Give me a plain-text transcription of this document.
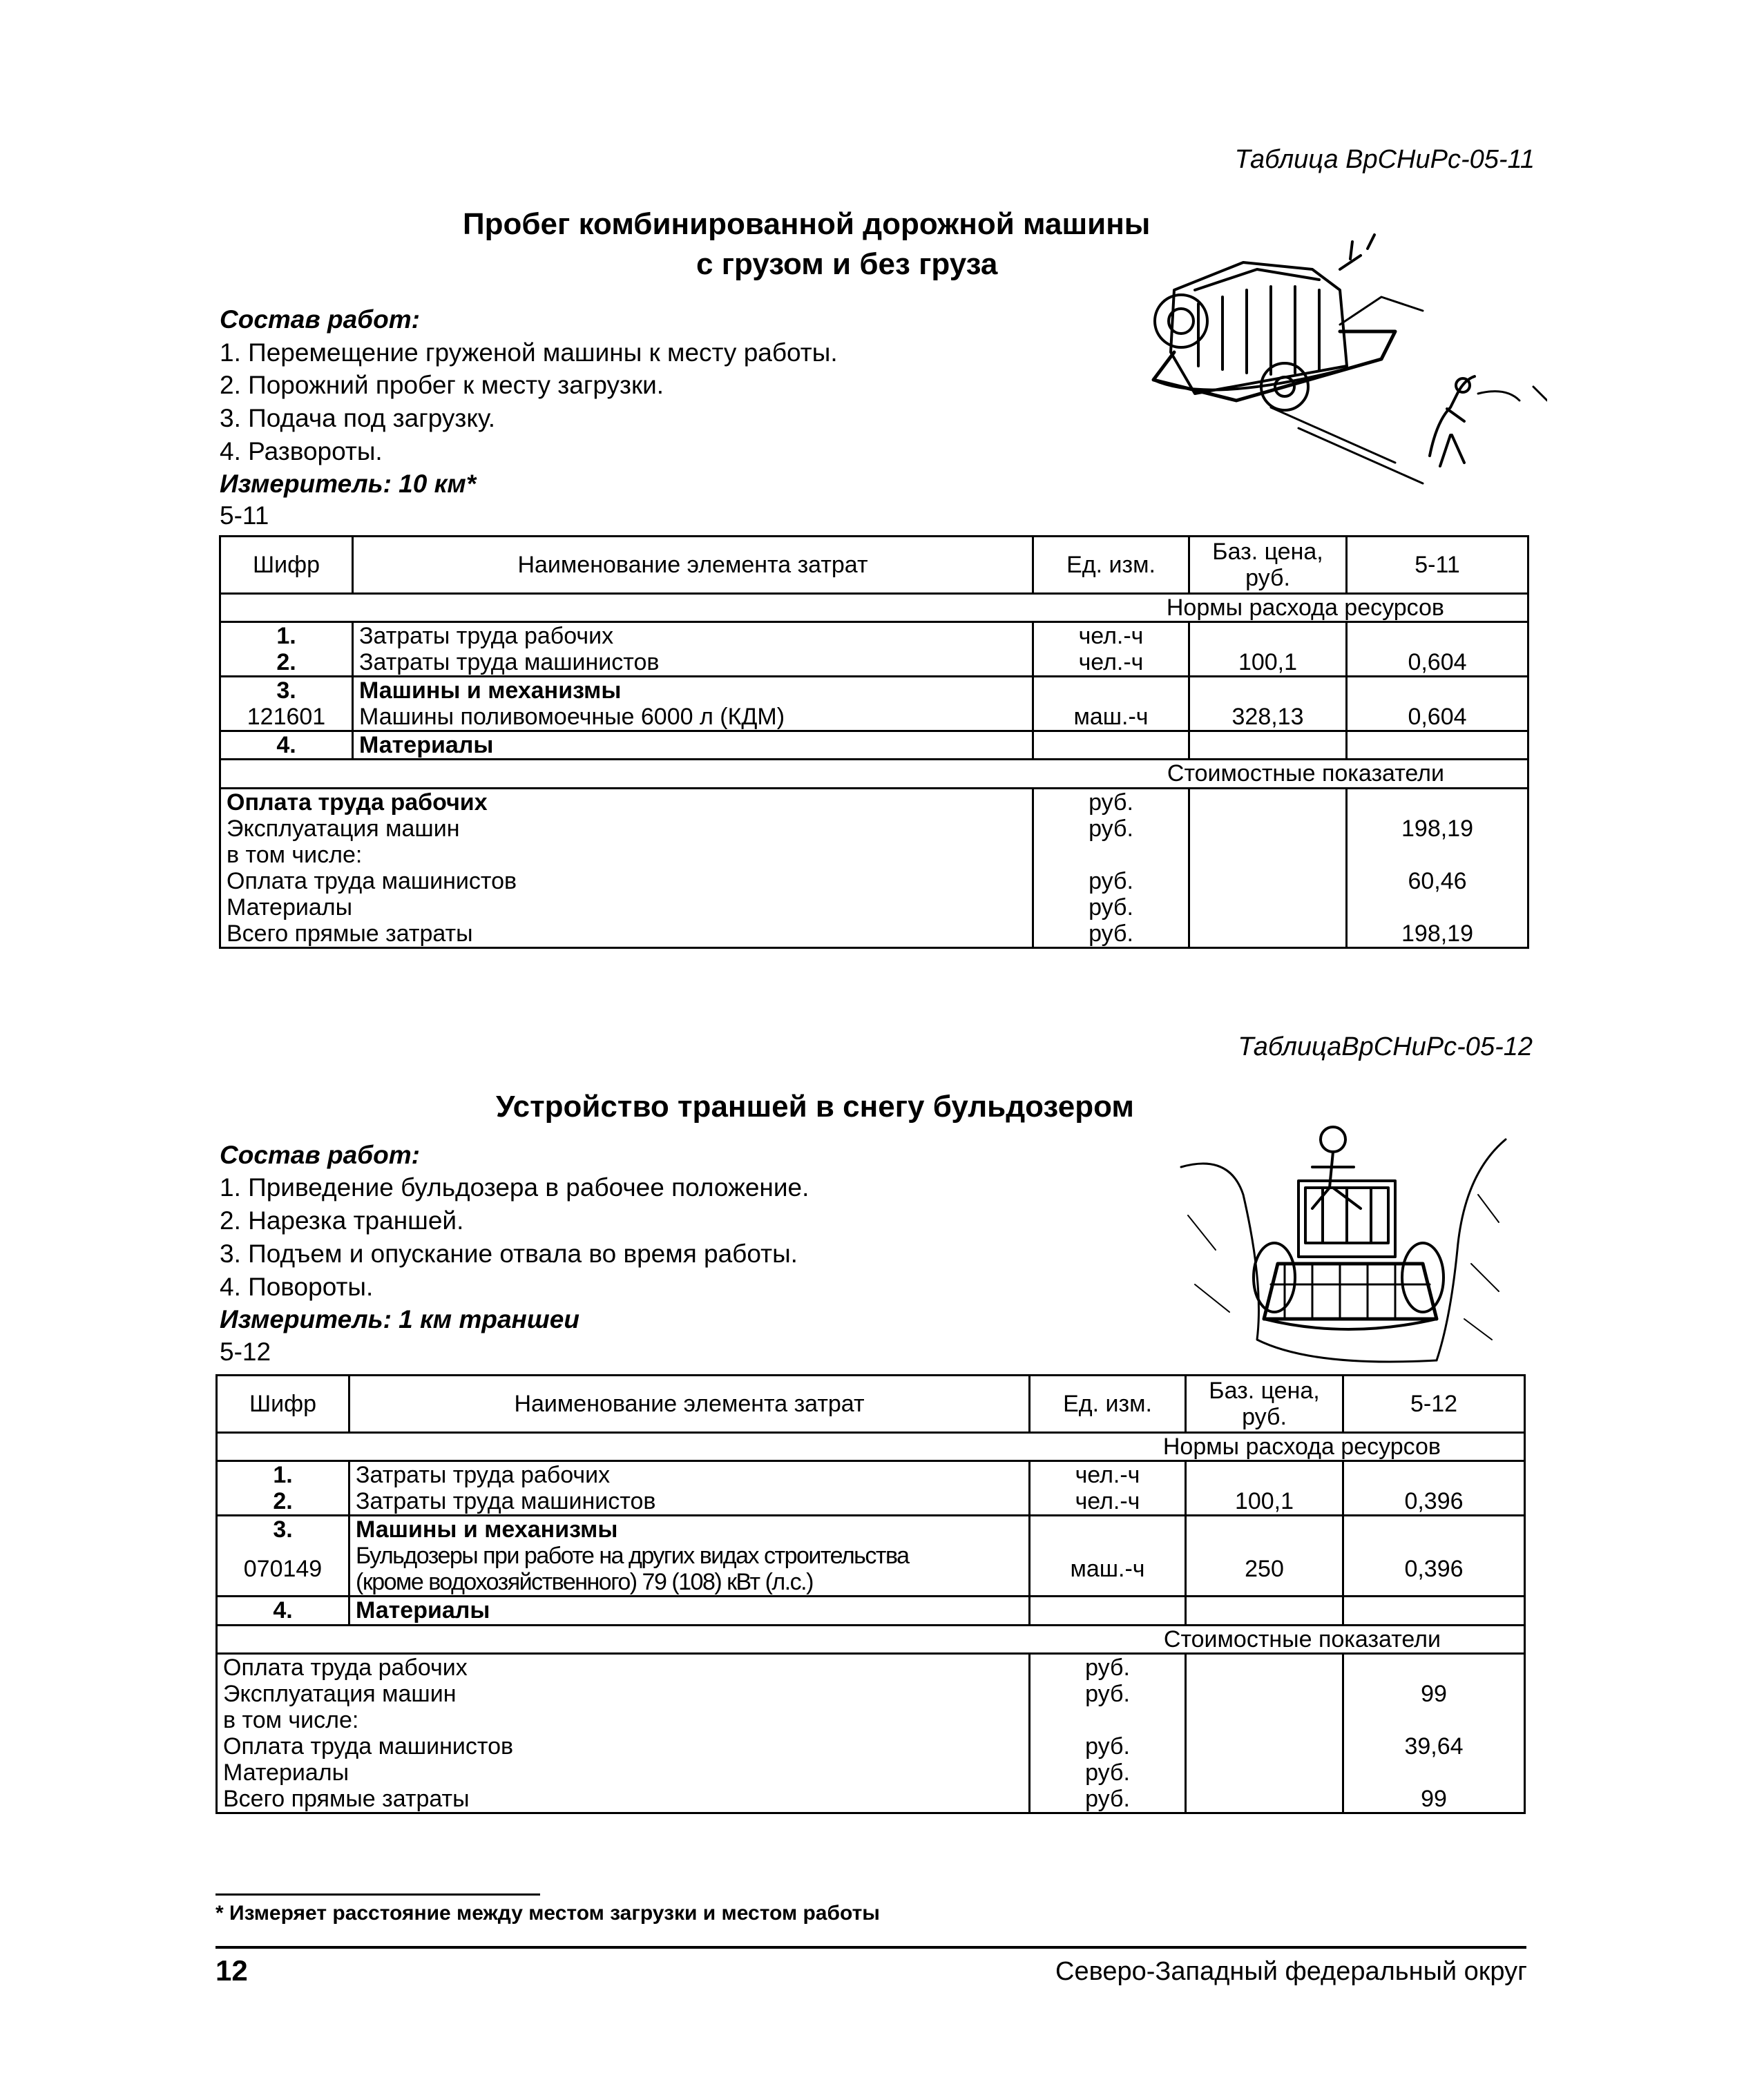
Таблица ВрСНиРс-05-11
Пробег комбинированной дорожной машины
с грузом и без груза
Состав работ:
1. Перемещение груженой машины к месту работы.
2. Порожний пробег к месту загрузки.
3. Подача под загрузку.
4. Развороты.
Измеритель: 10 км*
5-11
Шифр	Наименование элемента затрат	Ед. изм.	Баз. цена, руб.	5-11
Нормы расхода ресурсов				
1.	Затраты труда рабочих	чел.-ч		
2.	Затраты труда машинистов	чел.-ч	100,1	0,604
3.	Машины и механизмы			
121601	Машины поливомоечные 6000 л (КДМ)	маш.-ч	328,13	0,604
4.	Материалы			
Стоимостные показатели				
Оплата труда рабочих		руб.		
Эксплуатация машин		руб.		198,19
в том числе:				
Оплата труда машинистов		руб.		60,46
Материалы		руб.		
Всего прямые затраты		руб.		198,19
ТаблицаВрСНиРс-05-12
Устройство траншей в снегу бульдозером
Состав работ:
1. Приведение бульдозера в рабочее положение.
2. Нарезка траншей.
3. Подъем и опускание отвала во время работы.
4. Повороты.
Измеритель: 1 км траншеи
5-12
Шифр	Наименование элемента затрат	Ед. изм.	Баз. цена, руб.	5-12
Нормы расхода ресурсов				
1.	Затраты труда рабочих	чел.-ч		
2.	Затраты труда машинистов	чел.-ч	100,1	0,396
3.	Машины и механизмы			
070149	Бульдозеры при работе на других видах строительства
(кроме водохозяйственного) 79 (108) кВт (л.с.)	маш.-ч	250	0,396
4.	Материалы			
Стоимостные показатели				
Оплата труда рабочих		руб.		
Эксплуатация машин		руб.		99
в том числе:				
Оплата труда машинистов		руб.		39,64
Материалы		руб.		
Всего прямые затраты		руб.		99
* Измеряет расстояние между местом загрузки и местом работы
12	Северо-Западный федеральный округ
